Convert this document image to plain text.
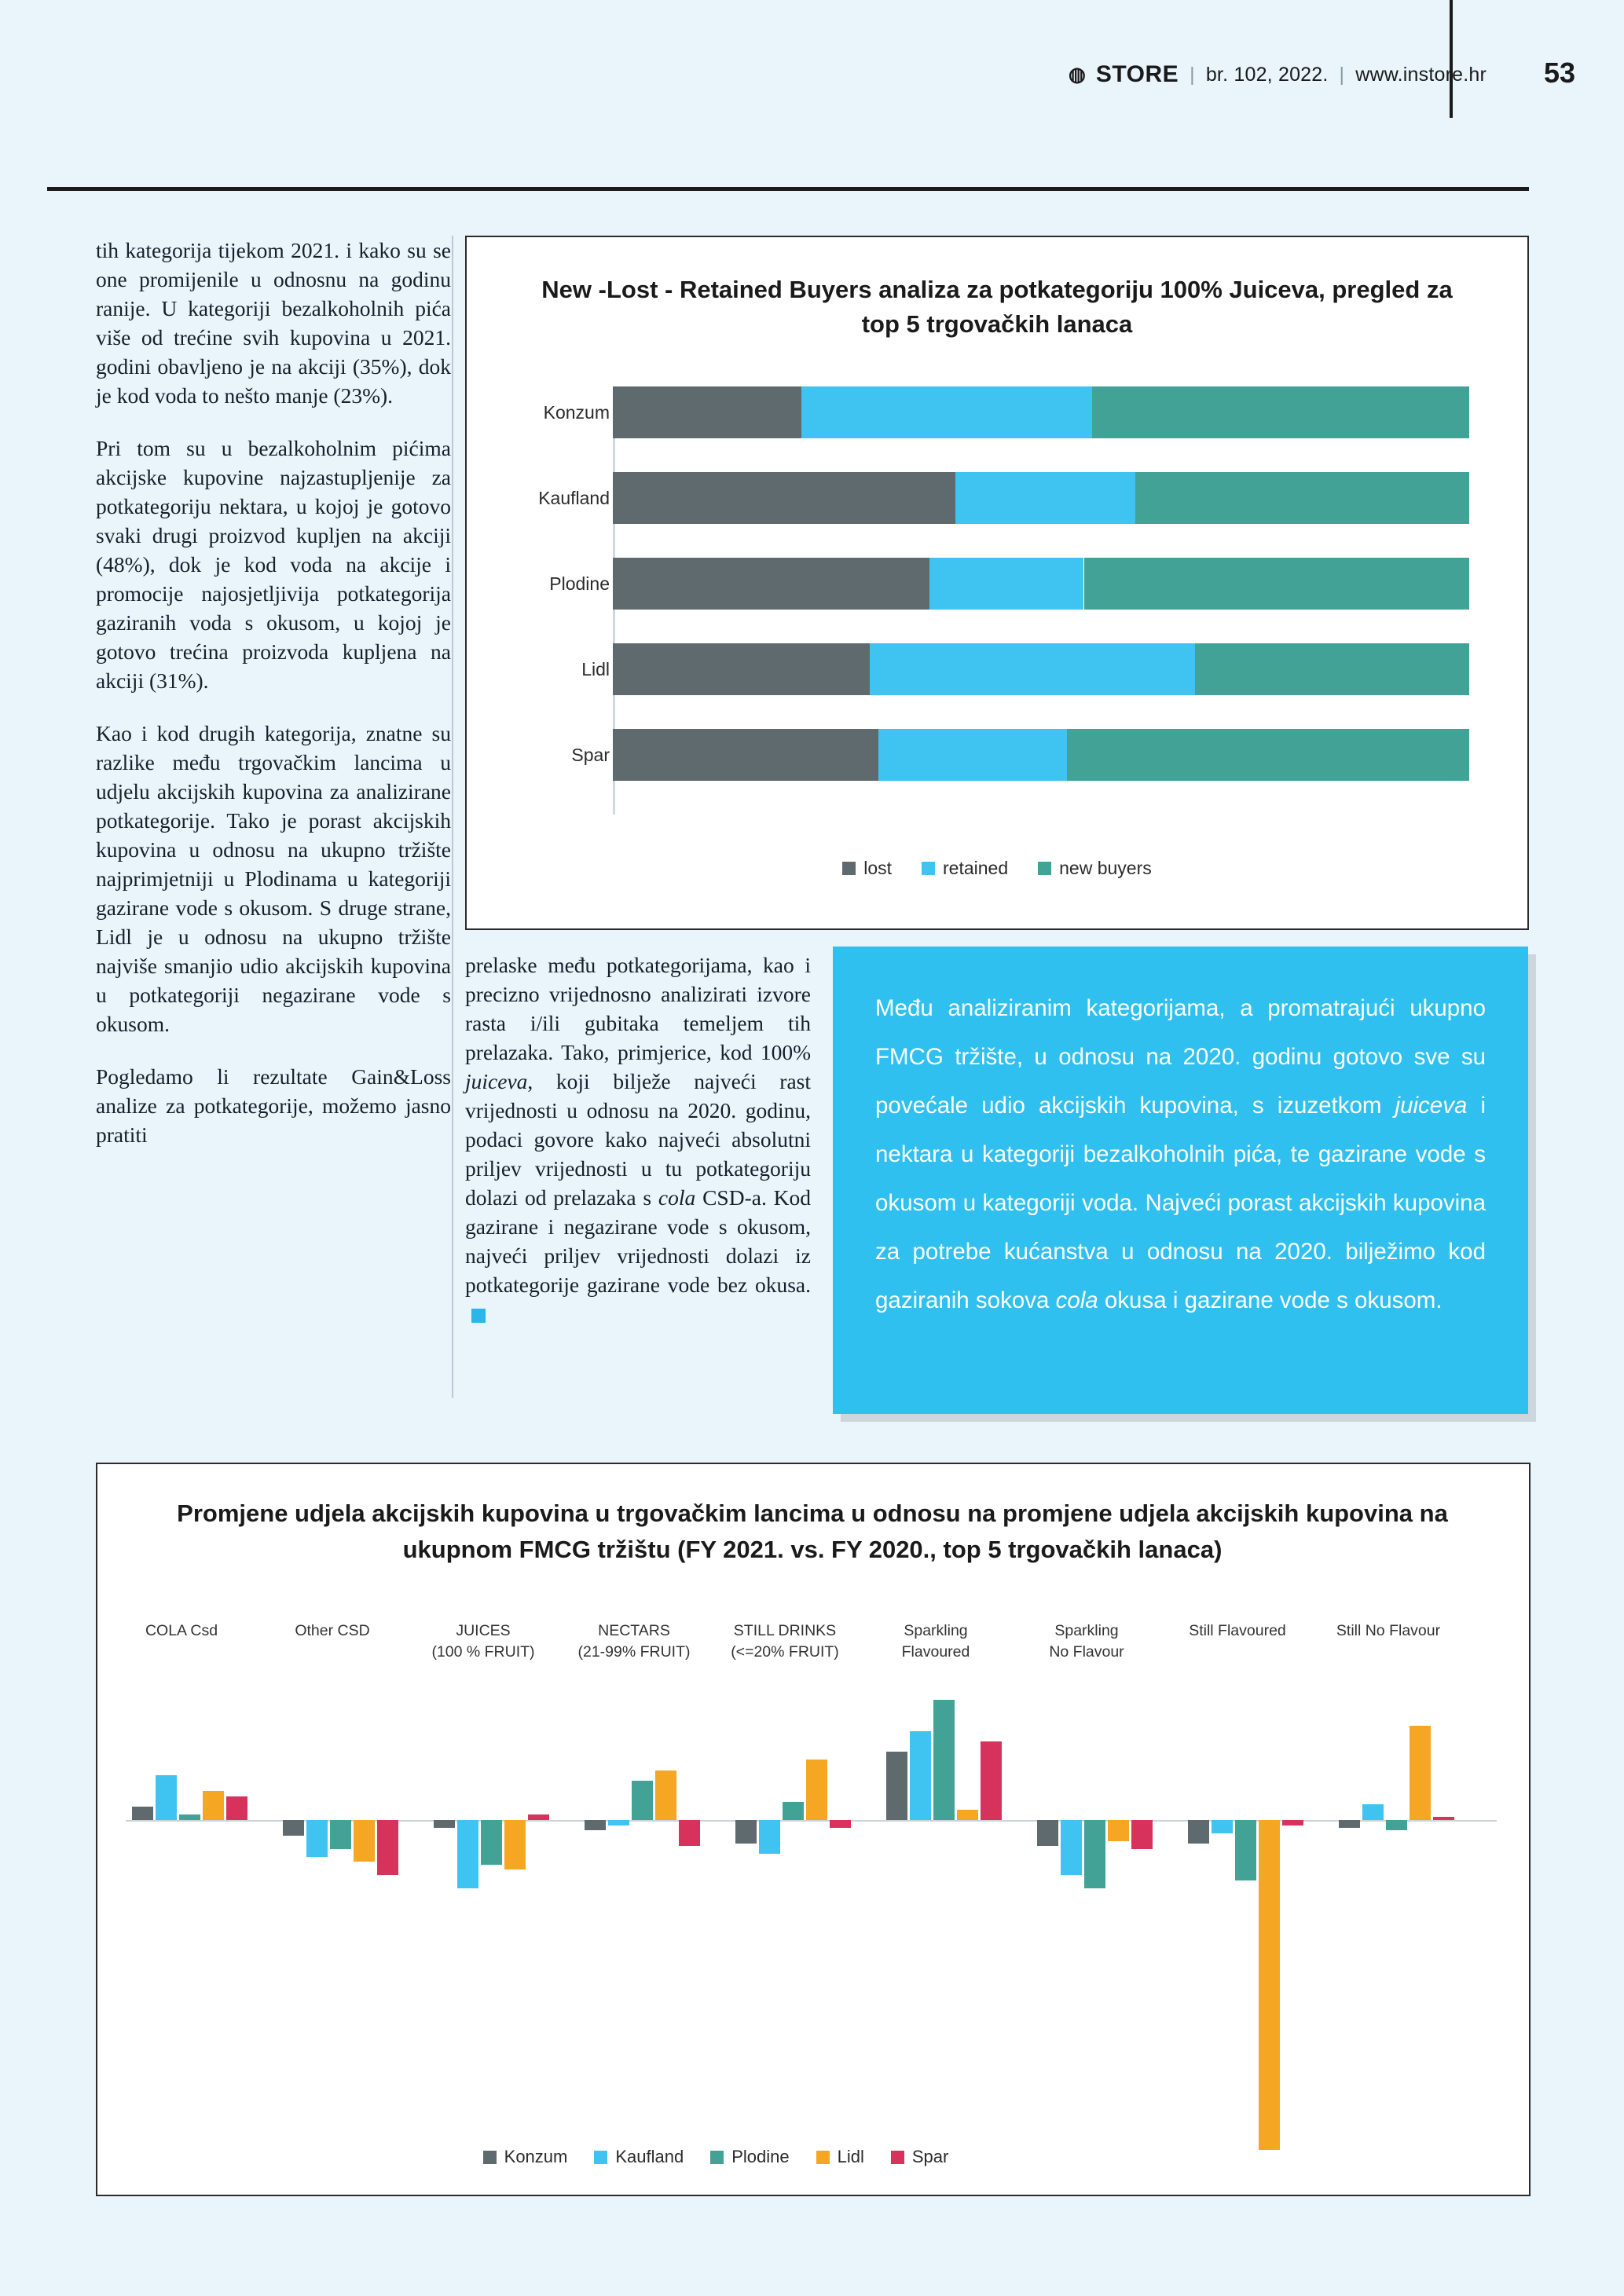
◍ STORE | br. 102, 2022. | www.instore.hr 53

tih kategorija tijekom 2021. i kako su se one promijenile u odnosnu na godinu ranije. U kategoriji bezalkoholnih pića više od trećine svih kupovina u 2021. godini obavljeno je na akciji (35%), dok je kod voda to nešto manje (23%).

Pri tom su u bezalkoholnim pićima akcijske kupovine najzastupljenije za potkategoriju nektara, u kojoj je gotovo svaki drugi proizvod kupljen na akciji (48%), dok je kod voda na akcije i promocije najosjetljivija potkategorija gaziranih voda s okusom, u kojoj je gotovo trećina proizvoda kupljena na akciji (31%).

Kao i kod drugih kategorija, znatne su razlike među trgovačkim lancima u udjelu akcijskih kupovina za analizirane potkategorije. Tako je porast akcijskih kupovina u odnosu na ukupno tržište najprimjetniji u Plodinama u kategoriji gazirane vode s okusom. S druge strane, Lidl je u odnosu na ukupno tržište najviše smanjio udio akcijskih kupovina u potkategoriji negazirane vode s okusom.

Pogledamo li rezultate Gain&Loss analize za potkategorije, možemo jasno pratiti

prelaske među potkategorijama, kao i precizno vrijednosno analizirati izvore rasta i/ili gubitaka temeljem tih prelazaka. Tako, primjerice, kod 100% juiceva, koji bilježe najveći rast vrijednosti u odnosu na 2020. godinu, podaci govore kako najveći absolutni priljev vrijednosti u tu potkategoriju dolazi od prelazaka s cola CSD-a. Kod gazirane i negazirane vode s okusom, najveći priljev vrijednosti dolazi iz potkategorije gazirane vode bez okusa.

New -Lost - Retained Buyers analiza za potkategoriju 100% Juiceva, pregled za top 5 trgovačkih lanaca
Konzum
Kaufland
Plodine
Lidl
Spar
lost	retained	new buyers

Među analiziranim kategorijama, a promatrajući ukupno FMCG tržište, u odnosu na 2020. godinu gotovo sve su povećale udio akcijskih kupovina, s izuzetkom juiceva i nektara u kategoriji bezalkoholnih pića, te gazirane vode s okusom u kategoriji voda. Najveći porast akcijskih kupovina za potrebe kućanstva u odnosu na 2020. bilježimo kod gaziranih sokova cola okusa i gazirane vode s okusom.

Promjene udjela akcijskih kupovina u trgovačkim lancima u odnosu na promjene udjela akcijskih kupovina na ukupnom FMCG tržištu (FY 2021. vs. FY 2020., top 5 trgovačkih lanaca)
COLA Csd	Other CSD	JUICES
(100 % FRUIT)
NECTARS
(21-99% FRUIT)
STILL DRINKS
(<=20% FRUIT)
Sparkling
Flavoured
Sparkling
No Flavour
Still Flavoured	Still No Flavour
Konzum	Kaufland	Plodine	Lidl	Spar
